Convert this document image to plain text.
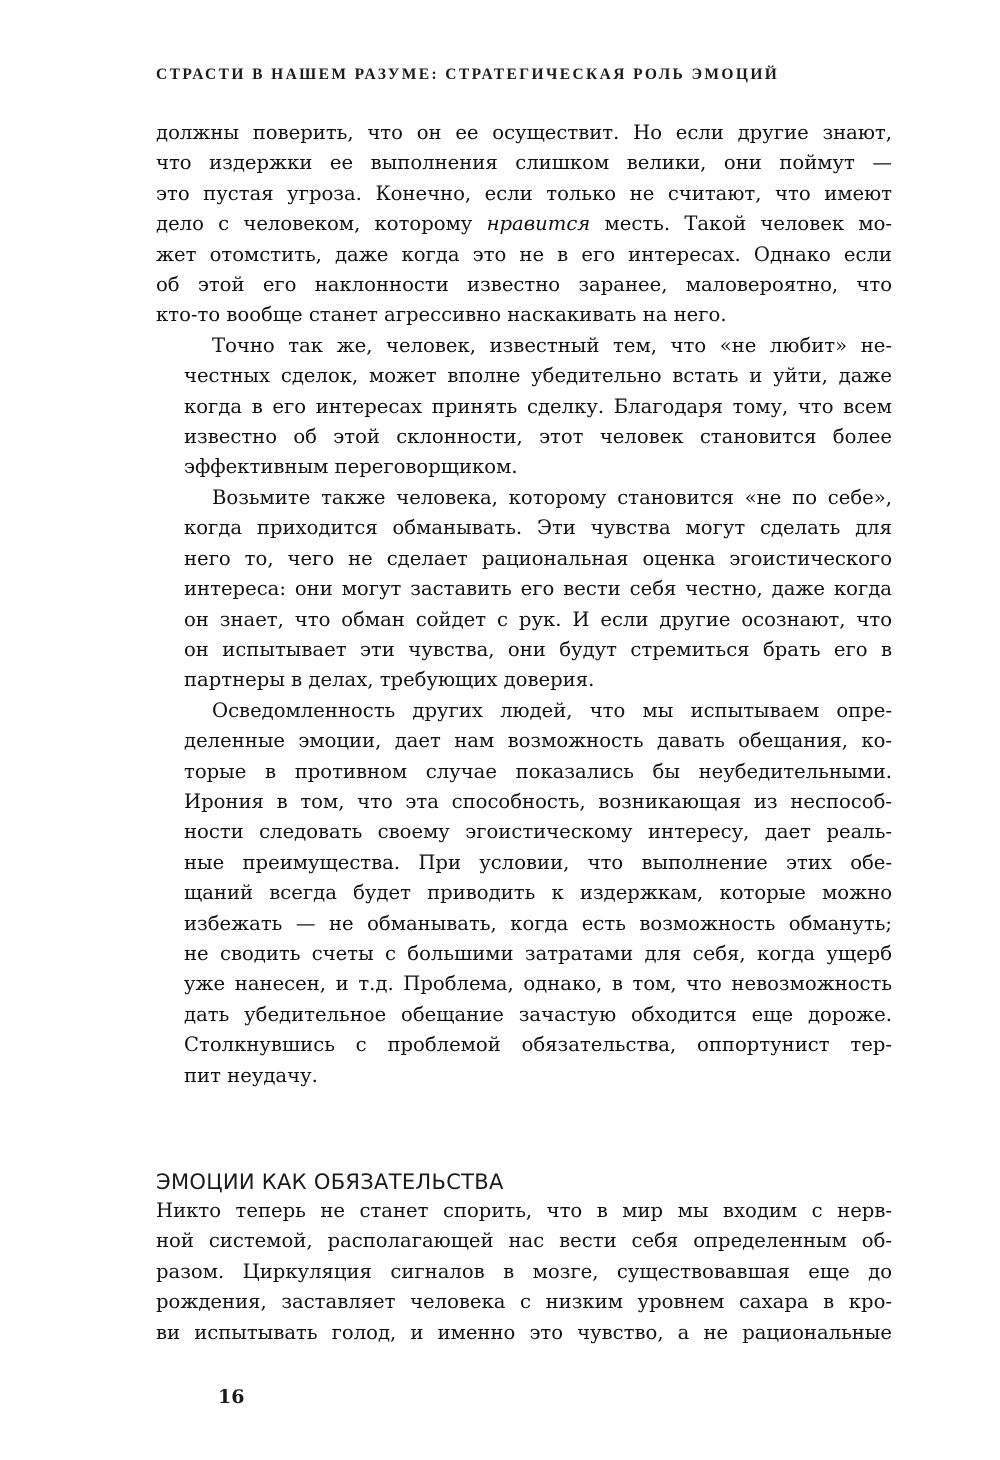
СТРАСТИ В НАШЕМ РАЗУМЕ: СТРАТЕГИЧЕСКАЯ РОЛЬ ЭМОЦИЙ

должны поверить, что он ее осуществит. Но если другие знают,
что издержки ее выполнения слишком велики, они поймут —
это пустая угроза. Конечно, если только не считают, что имеют
дело с человеком, которому нравится месть. Такой человек мо-
жет отомстить, даже когда это не в его интересах. Однако если
об этой его наклонности известно заранее, маловероятно, что
кто-то вообще станет агрессивно наскакивать на него.

Точно так же, человек, известный тем, что «не любит» не-
честных сделок, может вполне убедительно встать и уйти, даже
когда в его интересах принять сделку. Благодаря тому, что всем
известно об этой склонности, этот человек становится более
эффективным переговорщиком.

Возьмите также человека, которому становится «не по себе»,
когда приходится обманывать. Эти чувства могут сделать для
него то, чего не сделает рациональная оценка эгоистического
интереса: они могут заставить его вести себя честно, даже когда
он знает, что обман сойдет с рук. И если другие осознают, что
он испытывает эти чувства, они будут стремиться брать его в
партнеры в делах, требующих доверия.

Осведомленность других людей, что мы испытываем опре-
деленные эмоции, дает нам возможность давать обещания, ко-
торые в противном случае показались бы неубедительными.
Ирония в том, что эта способность, возникающая из неспособ-
ности следовать своему эгоистическому интересу, дает реаль-
ные преимущества. При условии, что выполнение этих обе-
щаний всегда будет приводить к издержкам, которые можно
избежать — не обманывать, когда есть возможность обмануть;
не сводить счеты с большими затратами для себя, когда ущерб
уже нанесен, и т.д. Проблема, однако, в том, что невозможность
дать убедительное обещание зачастую обходится еще дороже.
Столкнувшись с проблемой обязательства, оппортунист тер-
пит неудачу.

ЭМОЦИИ КАК ОБЯЗАТЕЛЬСТВА

Никто теперь не станет спорить, что в мир мы входим с нерв-
ной системой, располагающей нас вести себя определенным об-
разом. Циркуляция сигналов в мозге, существовавшая еще до
рождения, заставляет человека с низким уровнем сахара в кро-
ви испытывать голод, и именно это чувство, а не рациональные

16
